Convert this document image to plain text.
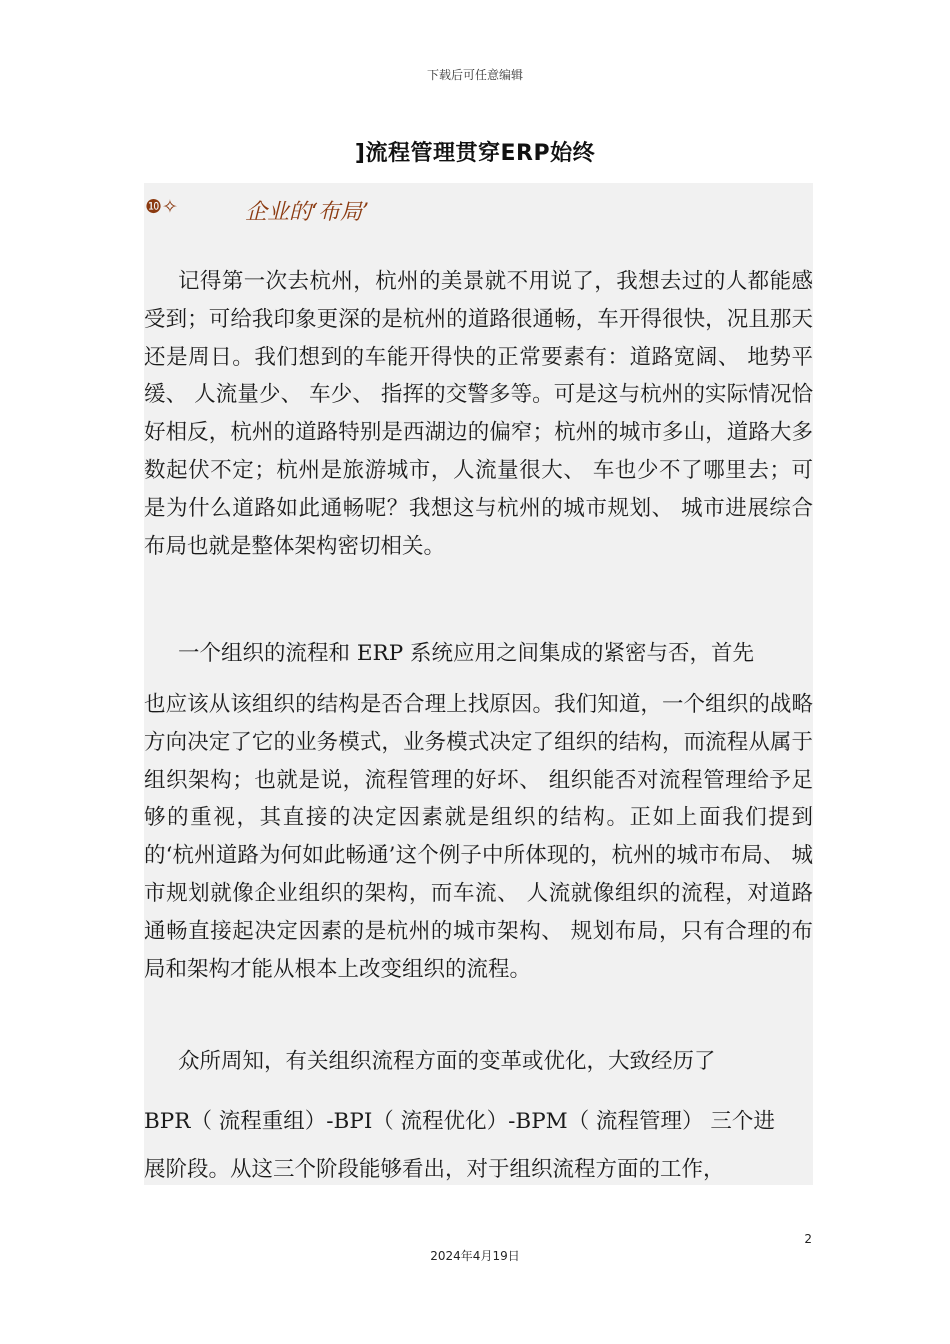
下载后可任意编辑
]流程管理贯穿ERP始终
❿✧	企业的‘布局’

记得第一次去杭州，杭州的美景就不用说了，我想去过的人都能感受到；可给我印象更深的是杭州的道路很通畅，车开得很快，况且那天还是周日。我们想到的车能开得快的正常要素有：道路宽阔、 地势平缓、 人流量少、 车少、 指挥的交警多等。可是这与杭州的实际情况恰好相反，杭州的道路特别是西湖边的偏窄；杭州的城市多山，道路大多数起伏不定；杭州是旅游城市，人流量很大、 车也少不了哪里去；可是为什么道路如此通畅呢？我想这与杭州的城市规划、 城市进展综合布局也就是整体架构密切相关。

一个组织的流程和 ERP 系统应用之间集成的紧密与否，首先

也应该从该组织的结构是否合理上找原因。我们知道，一个组织的战略方向决定了它的业务模式，业务模式决定了组织的结构，而流程从属于组织架构；也就是说，流程管理的好坏、 组织能否对流程管理给予足够的重视，其直接的决定因素就是组织的结构。正如上面我们提到的‘杭州道路为何如此畅通’这个例子中所体现的，杭州的城市布局、 城市规划就像企业组织的架构，而车流、 人流就像组织的流程，对道路通畅直接起决定因素的是杭州的城市架构、 规划布局，只有合理的布局和架构才能从根本上改变组织的流程。

众所周知，有关组织流程方面的变革或优化，大致经历了

BPR（ 流程重组）-BPI（ 流程优化）-BPM（ 流程管理） 三个进

展阶段。从这三个阶段能够看出，对于组织流程方面的工作，

2
2024年4月19日
